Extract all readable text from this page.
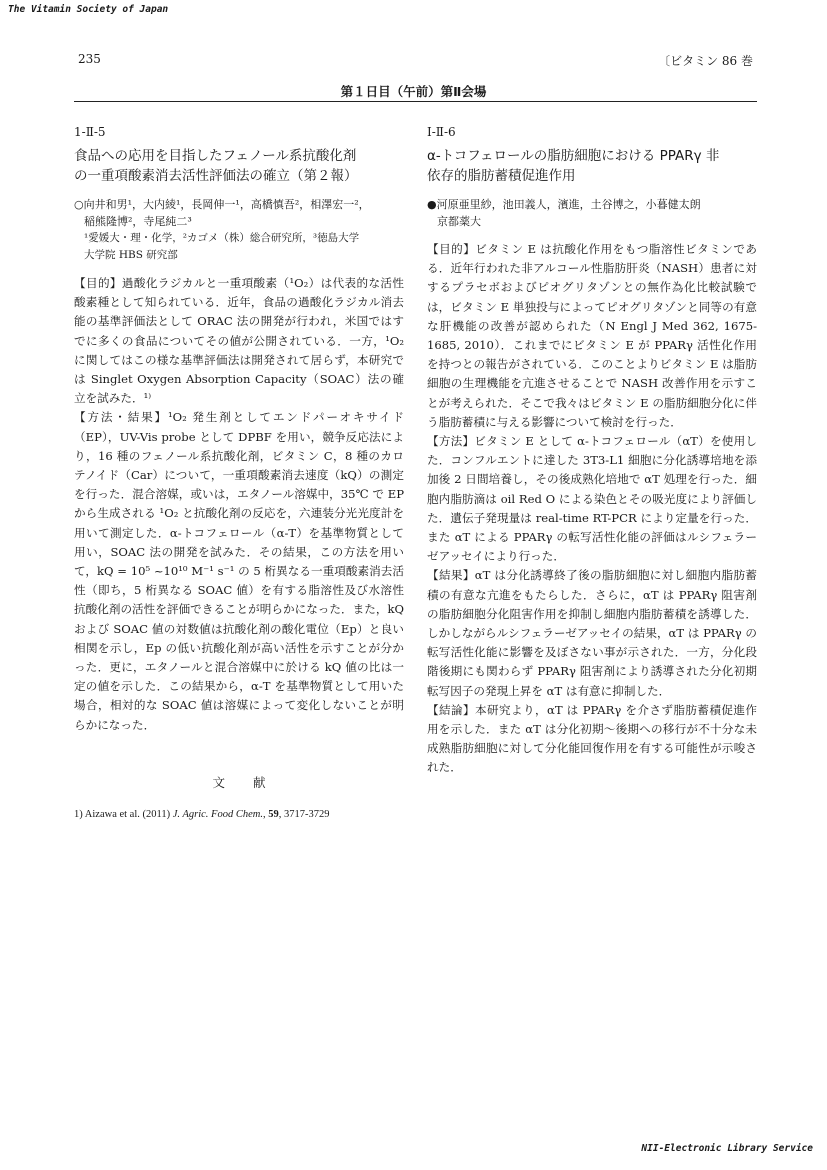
The Vitamin Society of Japan
235	〔ビタミン 86 巻
第１日目（午前）第Ⅱ会場
1-Ⅱ-5
食品への応用を目指したフェノール系抗酸化剤
の一重項酸素消去活性評価法の確立（第２報）
○向井和男¹，大内綾¹，長岡伸一¹，高橋慎吾²，相澤宏一²，
稲熊隆博²，寺尾純二³
¹愛媛大・理・化学，²カゴメ（株）総合研究所，³徳島大学
大学院 HBS 研究部

【目的】過酸化ラジカルと一重項酸素（¹O₂）は代表的な活性酸素種として知られている．近年，食品の過酸化ラジカル消去能の基準評価法として ORAC 法の開発が行われ，米国ではすでに多くの食品についてその値が公開されている．一方，¹O₂ に関してはこの様な基準評価法は開発されて居らず，本研究では Singlet Oxygen Absorption Capacity（SOAC）法の確立を試みた．¹⁾

【方法・結果】¹O₂ 発生剤としてエンドパーオキサイド（EP），UV-Vis probe として DPBF を用い，競争反応法により，16 種のフェノール系抗酸化剤，ビタミン C，8 種のカロテノイド（Car）について，一重項酸素消去速度（kQ）の測定を行った．混合溶媒，或いは，エタノール溶媒中，35℃ で EP から生成される ¹O₂ と抗酸化剤の反応を，六連装分光光度計を用いて測定した．α-トコフェロール（α-T）を基準物質として用い，SOAC 法の開発を試みた．その結果，この方法を用いて，kQ = 10⁵ ~10¹⁰ M⁻¹ s⁻¹ の 5 桁異なる一重項酸素消去活性（即ち，5 桁異なる SOAC 値）を有する脂溶性及び水溶性抗酸化剤の活性を評価できることが明らかになった．また，kQ および SOAC 値の対数値は抗酸化剤の酸化電位（Ep）と良い相関を示し，Ep の低い抗酸化剤が高い活性を示すことが分かった．更に，エタノールと混合溶媒中に於ける kQ 値の比は一定の値を示した．この結果から，α-T を基準物質として用いた場合，相対的な SOAC 値は溶媒によって変化しないことが明らかになった．

文献
1) Aizawa et al. (2011) J. Agric. Food Chem., 59, 3717-3729
Ⅰ-Ⅱ-6
α-トコフェロールの脂肪細胞における PPARγ 非
依存的脂肪蓄積促進作用
●河原亜里紗，池田義人，濱進，土谷博之，小暮健太朗
京都薬大

【目的】ビタミン E は抗酸化作用をもつ脂溶性ビタミンである．近年行われた非アルコール性脂肪肝炎（NASH）患者に対するプラセボおよびピオグリタゾンとの無作為化比較試験では，ビタミン E 単独投与によってピオグリタゾンと同等の有意な肝機能の改善が認められた（N Engl J Med 362, 1675-1685, 2010）．これまでにビタミン E が PPARγ 活性化作用を持つとの報告がされている．このことよりビタミン E は脂肪細胞の生理機能を亢進させることで NASH 改善作用を示すことが考えられた．そこで我々はビタミン E の脂肪細胞分化に伴う脂肪蓄積に与える影響について検討を行った．

【方法】ビタミン E として α-トコフェロール（αT）を使用した．コンフルエントに達した 3T3-L1 細胞に分化誘導培地を添加後 2 日間培養し，その後成熟化培地で αT 処理を行った．細胞内脂肪滴は oil Red O による染色とその吸光度により評価した．遺伝子発現量は real-time RT-PCR により定量を行った．また αT による PPARγ の転写活性化能の評価はルシフェラーゼアッセイにより行った．

【結果】αT は分化誘導終了後の脂肪細胞に対し細胞内脂肪蓄積の有意な亢進をもたらした．さらに，αT は PPARγ 阻害剤の脂肪細胞分化阻害作用を抑制し細胞内脂肪蓄積を誘導した．しかしながらルシフェラーゼアッセイの結果，αT は PPARγ の転写活性化能に影響を及ぼさない事が示された．一方，分化段階後期にも関わらず PPARγ 阻害剤により誘導された分化初期転写因子の発現上昇を αT は有意に抑制した．

【結論】本研究より，αT は PPARγ を介さず脂肪蓄積促進作用を示した．また αT は分化初期～後期への移行が不十分な未成熟脂肪細胞に対して分化能回復作用を有する可能性が示唆された．

NII-Electronic Library Service
